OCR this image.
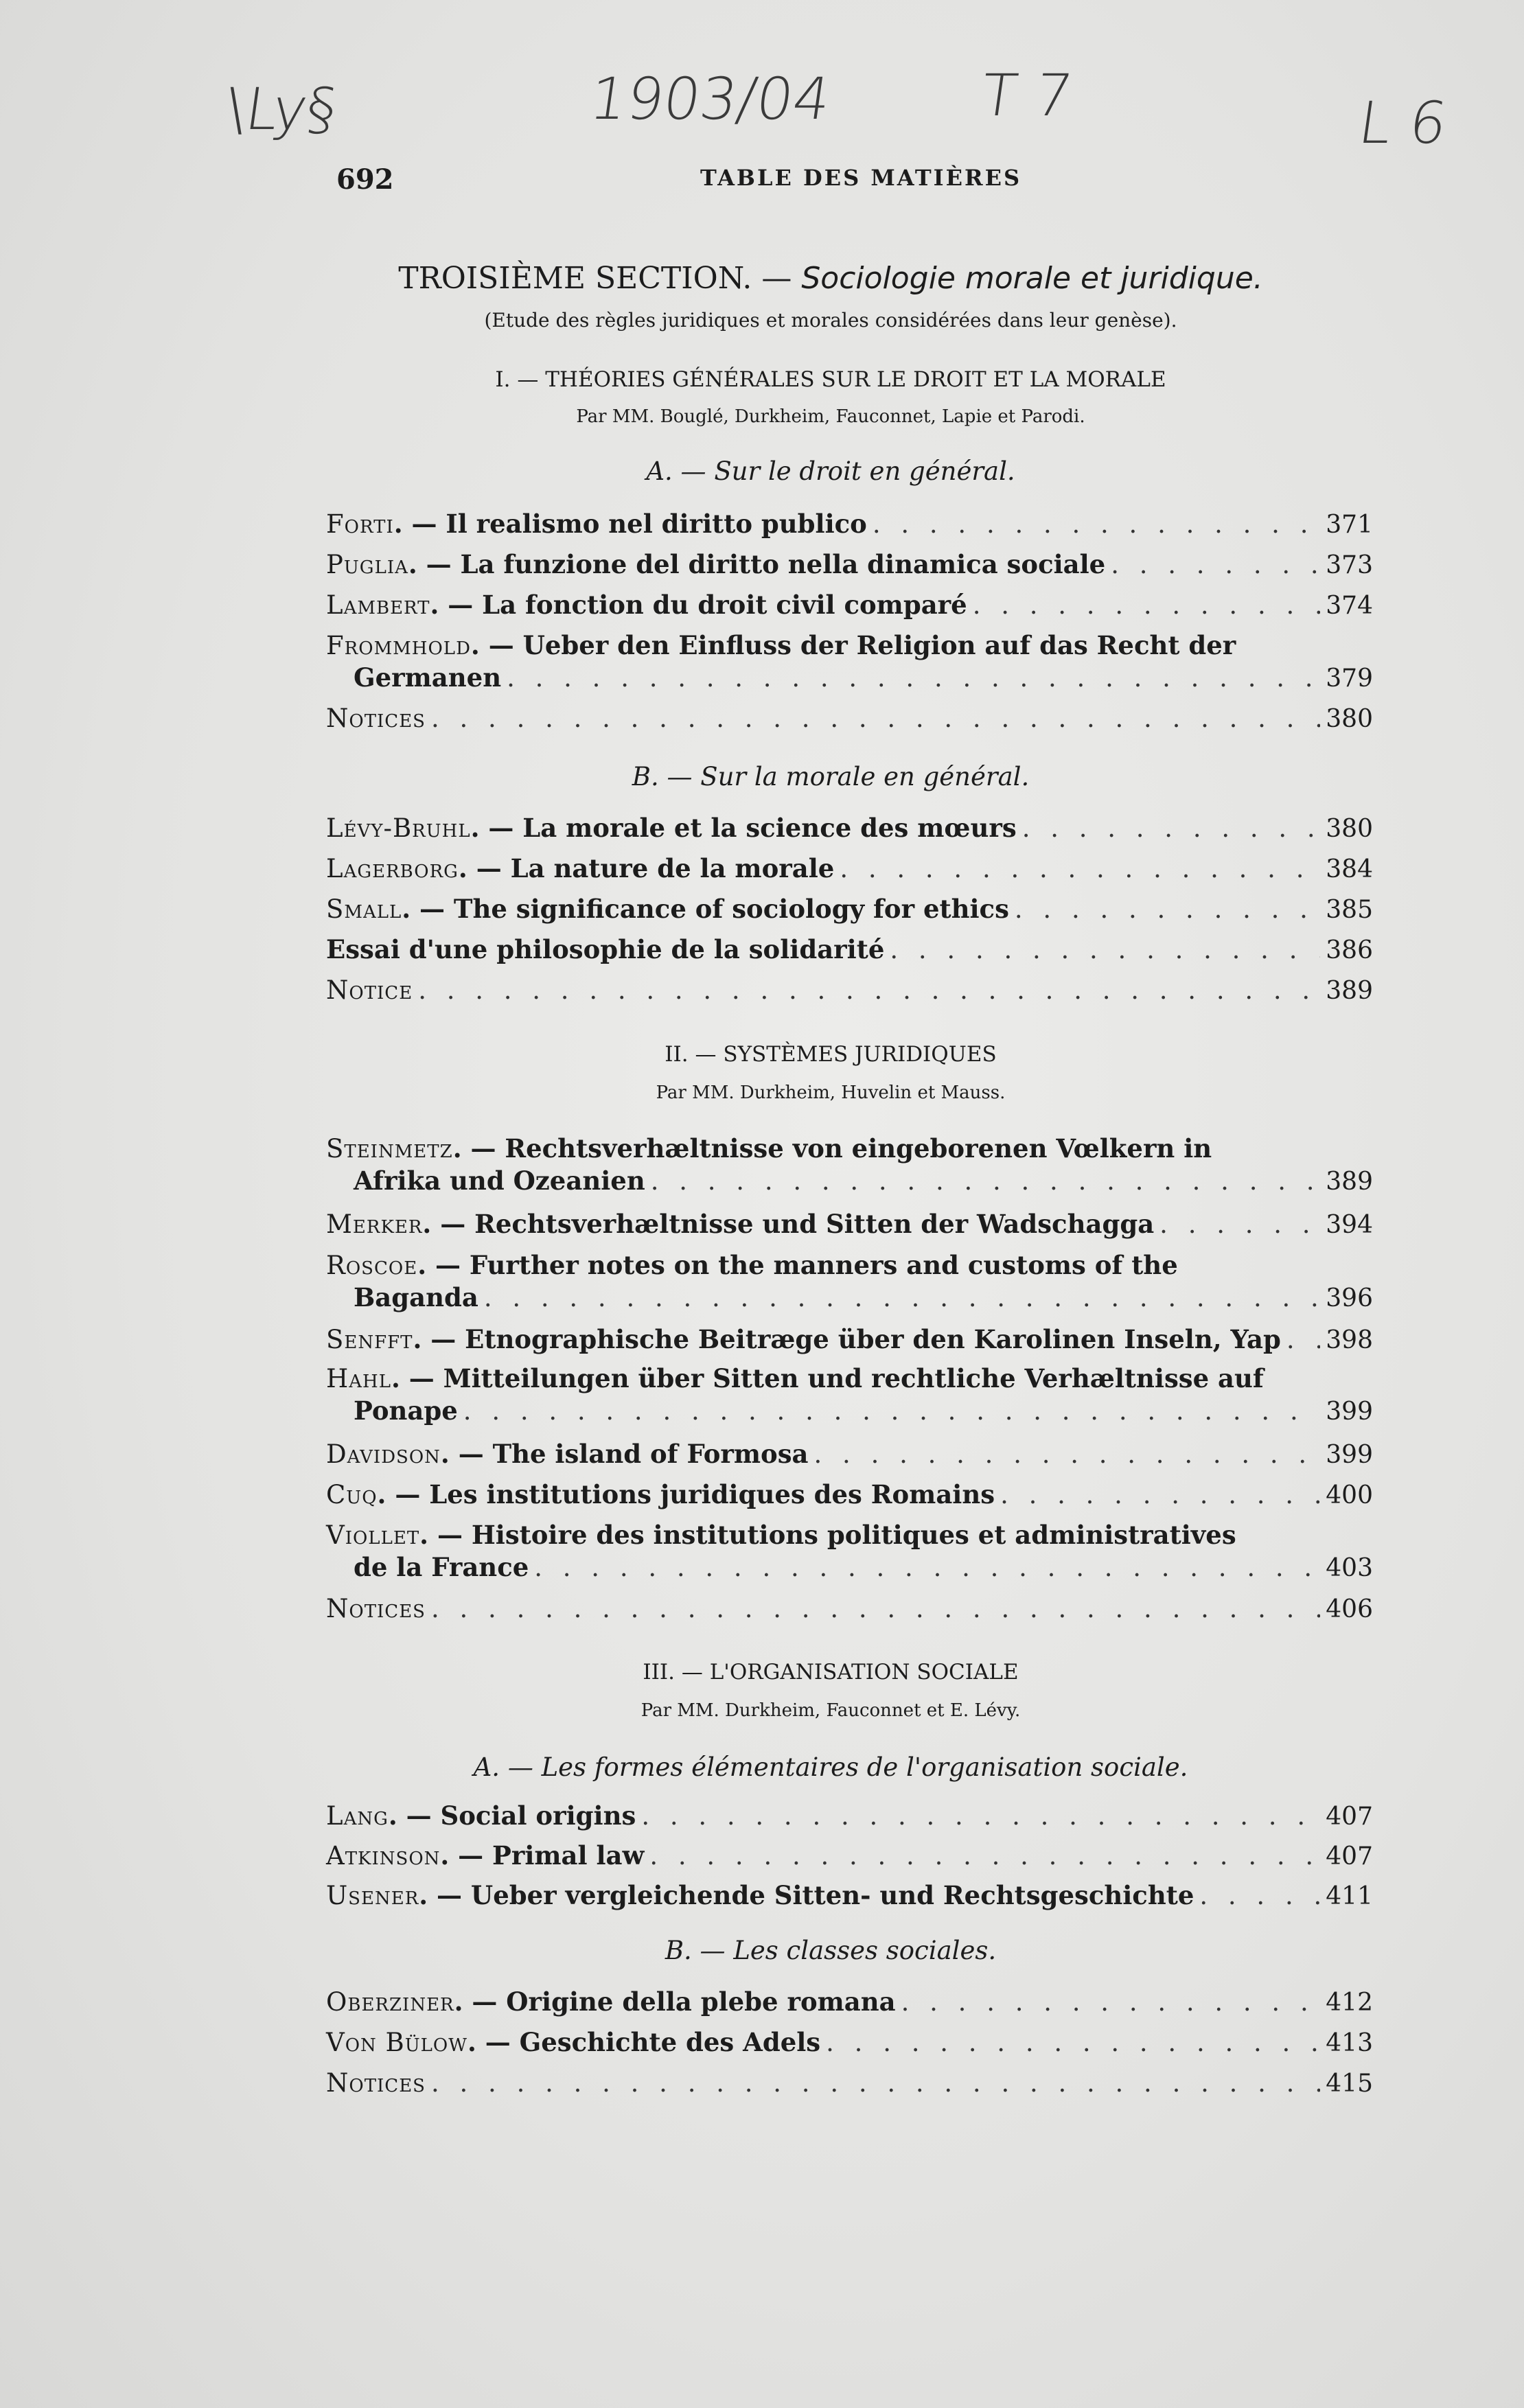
\Ly§	1903/04 T 7	L 6
692	TABLE DES MATIÈRES
TROISIÈME SECTION. — Sociologie morale et juridique.
(Etude des règles juridiques et morales considérées dans leur genèse).
I. — THÉORIES GÉNÉRALES SUR LE DROIT ET LA MORALE
Par MM. Bouglé, Durkheim, Fauconnet, Lapie et Parodi.
A. — Sur le droit en général.
Forti. — Il realismo nel diritto publico . . .	371
Puglia. — La funzione del diritto nella dinamica sociale . . .	373
Lambert. — La fonction du droit civil comparé . . .	374
Frommhold. — Ueber den Einfluss der Religion auf das Recht der
Germanen . . .	379
Notices . . .	380
B. — Sur la morale en général.
Lévy-Bruhl. — La morale et la science des mœurs . . .	380
Lagerborg. — La nature de la morale . . .	384
Small. — The significance of sociology for ethics . . .	385
Essai d'une philosophie de la solidarité . . .	386
Notice . . .	389
II. — SYSTÈMES JURIDIQUES
Par MM. Durkheim, Huvelin et Mauss.
Steinmetz. — Rechtsverhæltnisse von eingeborenen Vœlkern in
Afrika und Ozeanien . . .	389
Merker. — Rechtsverhæltnisse und Sitten der Wadschagga . . .	394
Roscoe. — Further notes on the manners and customs of the
Baganda . . .	396
Senfft. — Etnographische Beitræge über den Karolinen Inseln, Yap . . . 398
Hahl. — Mitteilungen über Sitten und rechtliche Verhæltnisse auf
Ponape . . .	399
Davidson. — The island of Formosa . . .	399
Cuq. — Les institutions juridiques des Romains . . .	400
Viollet. — Histoire des institutions politiques et administratives
de la France . . .	403
Notices . . .	406
III. — L'ORGANISATION SOCIALE
Par MM. Durkheim, Fauconnet et E. Lévy.
A. — Les formes élémentaires de l'organisation sociale.
Lang. — Social origins . . .	407
Atkinson. — Primal law . . .	407
Usener. — Ueber vergleichende Sitten- und Rechtsgeschichte . . .	411
B. — Les classes sociales.
Oberziner. — Origine della plebe romana . . .	412
Von Bülow. — Geschichte des Adels . . .	413
Notices . . .	415
